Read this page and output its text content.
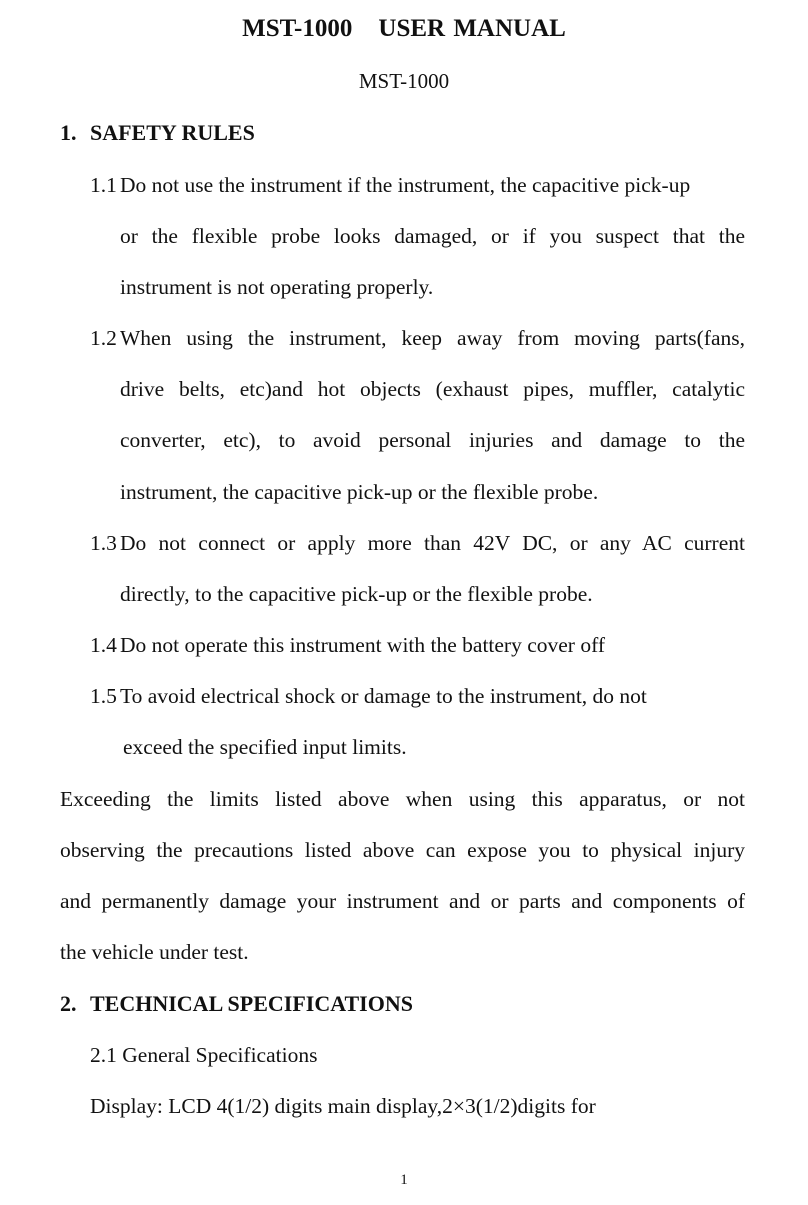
MST-1000 USER MANUAL
MST-1000
1. SAFETY RULES
1.1 Do not use the instrument if the instrument, the capacitive pick-up
or the flexible probe looks damaged, or if you suspect that the
instrument is not operating properly.
1.2 When using the instrument, keep away from moving parts(fans,
drive belts, etc)and hot objects (exhaust pipes, muffler, catalytic
converter, etc), to avoid personal injuries and damage to the
instrument, the capacitive pick-up or the flexible probe.
1.3 Do not connect or apply more than 42V DC, or any AC current
directly, to the capacitive pick-up or the flexible probe.
1.4 Do not operate this instrument with the battery cover off
1.5 To avoid electrical shock or damage to the instrument, do not
exceed the specified input limits.
Exceeding the limits listed above when using this apparatus, or not
observing the precautions listed above can expose you to physical injury
and permanently damage your instrument and or parts and components of
the vehicle under test.
2. TECHNICAL SPECIFICATIONS
2.1 General Specifications
Display: LCD 4(1/2) digits main display,2×3(1/2)digits for
1
